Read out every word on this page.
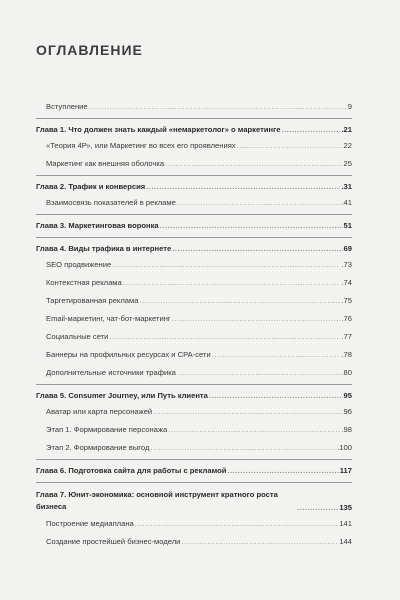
ОГЛАВЛЕНИЕ
Вступление .....	9
Глава 1. Что должен знать каждый «немаркетолог» о маркетинге .....	.21
«Теория 4Р», или Маркетинг во всех его проявлениях .....	22
Маркетинг как внешняя оболочка .....	25
Глава 2. Трафик и конверсия .....	.31
Взаимосвязь показателей в рекламе .....	41
Глава 3. Маркетинговая воронка .....	51
Глава 4. Виды трафика в интернете .....	69
SEO продвижение .....	.73
Контекстная реклама .....	.74
Таргетированная реклама .....	.75
Email-маркетинг, чат-бот-маркетинг .....	.76
Социальные сети .....	.77
Баннеры на профильных ресурсах и СРА-сети .....	.78
Дополнительные источники трафика .....	80
Глава 5. Consumer Journey, или Путь клиента .....	95
Аватар или карта персонажей .....	96
Этап 1. Формирование персонажа .....	.98
Этап 2. Формирование выгод .....	.100
Глава 6. Подготовка сайта для работы с рекламой .....	117
Глава 7. Юнит-экономика: основной инструмент кратного роста бизнеса .....	135
Построение медиаплана .....	141
Создание простейшей бизнес-модели .....	144
